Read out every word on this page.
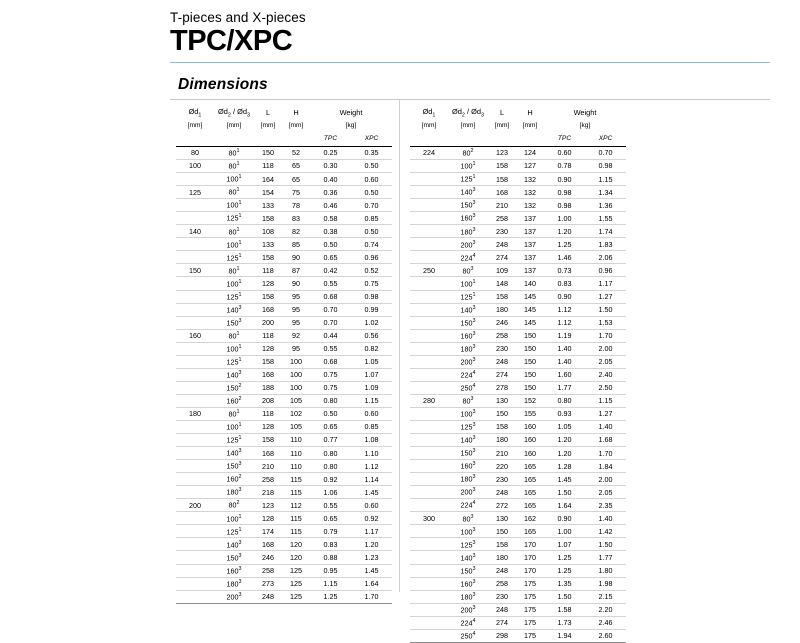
T-pieces and X-pieces
TPC/XPC
Dimensions
$Ød_1$	$Ød_2$ / $Ød_3$	L	H	Weight	
[mm]	[mm]	[mm]	[mm]	[kg]	
				TPC	XPC
80	$80^1$	150	52	0.25	0.35
100	$80^1$	118	65	0.30	0.50
	$100^1$	164	65	0.40	0.60
125	$80^1$	154	75	0.36	0.50
	$100^1$	133	78	0.46	0.70
	$125^1$	158	83	0.58	0.85
140	$80^1$	108	82	0.38	0.50
	$100^1$	133	85	0.50	0.74
	$125^1$	158	90	0.65	0.96
150	$80^1$	118	87	0.42	0.52
	$100^1$	128	90	0.55	0.75
	$125^1$	158	95	0.68	0.98
	$140^3$	168	95	0.70	0.99
	$150^3$	200	95	0.70	1.02
160	$80^1$	118	92	0.44	0.56
	$100^1$	128	95	0.55	0.82
	$125^1$	158	100	0.68	1.05
	$140^3$	168	100	0.75	1.07
	$150^2$	188	100	0.75	1.09
	$160^2$	208	105	0.80	1.15
180	$80^1$	118	102	0.50	0.60
	$100^1$	128	105	0.65	0.85
	$125^1$	158	110	0.77	1.08
	$140^3$	168	110	0.80	1.10
	$150^3$	210	110	0.80	1.12
	$160^2$	258	115	0.92	1.14
	$180^3$	218	115	1.06	1.45
200	$80^2$	123	112	0.55	0.60
	$100^1$	128	115	0.65	0.92
	$125^1$	174	115	0.79	1.17
	$140^3$	168	120	0.83	1.20
	$150^3$	246	120	0.88	1.23
	$160^3$	258	125	0.95	1.45
	$180^3$	273	125	1.15	1.64
	$200^3$	248	125	1.25	1.70
$Ød_1$	$Ød_2$ / $Ød_3$	L	H	Weight	
[mm]	[mm]	[mm]	[mm]	[kg]	
				TPC	XPC
224	$80^2$	123	124	0.60	0.70
	$100^1$	158	127	0.78	0.98
	$125^1$	158	132	0.90	1.15
	$140^3$	168	132	0.98	1.34
	$150^3$	210	132	0.98	1.36
	$160^3$	258	137	1.00	1.55
	$180^3$	230	137	1.20	1.74
	$200^3$	248	137	1.25	1.83
	$224^4$	274	137	1.46	2.06
250	$80^3$	109	137	0.73	0.96
	$100^1$	148	140	0.83	1.17
	$125^1$	158	145	0.90	1.27
	$140^3$	180	145	1.12	1.50
	$150^3$	246	145	1.12	1.53
	$160^3$	258	150	1.19	1.70
	$180^3$	230	150	1.40	2.00
	$200^3$	248	150	1.40	2.05
	$224^4$	274	150	1.60	2.40
	$250^4$	278	150	1.77	2.50
280	$80^3$	130	152	0.80	1.15
	$100^3$	150	155	0.93	1.27
	$125^3$	158	160	1.05	1.40
	$140^3$	180	160	1.20	1.68
	$150^3$	210	160	1.20	1.70
	$160^3$	220	165	1.28	1.84
	$180^3$	230	165	1.45	2.00
	$200^3$	248	165	1.50	2.05
	$224^4$	272	165	1.64	2.35
300	$80^3$	130	162	0.90	1.40
	$100^3$	150	165	1.00	1.42
	$125^3$	158	170	1.07	1.50
	$140^3$	180	170	1.25	1.77
	$150^3$	248	170	1.25	1.80
	$160^3$	258	175	1.35	1.98
	$180^3$	230	175	1.50	2.15
	$200^3$	248	175	1.58	2.20
	$224^4$	274	175	1.73	2.46
	$250^4$	298	175	1.94	2.60
